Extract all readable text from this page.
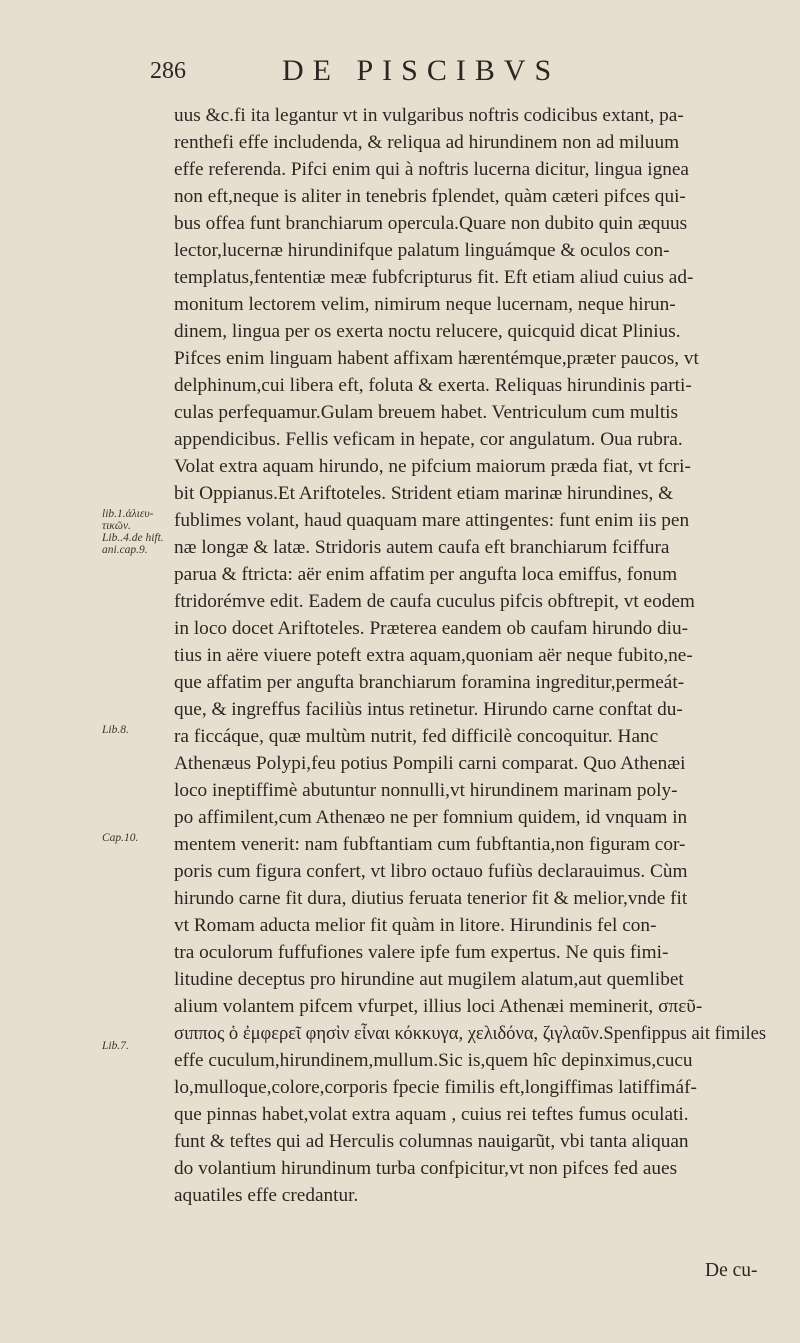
286	DE PISCIBVS
uus &c.fi ita legantur vt in vulgaribus noftris codicibus extant, pa-
renthefi effe includenda, & reliqua ad hirundinem non ad miluum
effe referenda. Pifci enim qui à noftris lucerna dicitur, lingua ignea
non eft,neque is aliter in tenebris fplendet, quàm cæteri pifces qui-
bus offea funt branchiarum opercula.Quare non dubito quin æquus
lector,lucernæ hirundinifque palatum linguámque & oculos con-
templatus,fententiæ meæ fubfcripturus fit. Eft etiam aliud cuius ad-
monitum lectorem velim, nimirum neque lucernam, neque hirun-
dinem, lingua per os exerta noctu relucere, quicquid dicat Plinius.
Pifces enim linguam habent affixam hærentémque,præter paucos, vt
delphinum,cui libera eft, foluta & exerta. Reliquas hirundinis parti-
culas perfequamur.Gulam breuem habet. Ventriculum cum multis
appendicibus. Fellis veficam in hepate, cor angulatum. Oua rubra.
Volat extra aquam hirundo, ne pifcium maiorum præda fiat, vt fcri-
bit Oppianus.Et Ariftoteles. Strident etiam marinæ hirundines, &
fublimes volant, haud quaquam mare attingentes: funt enim iis pen
næ longæ & latæ. Stridoris autem caufa eft branchiarum fciffura
parua & ftricta: aër enim affatim per angufta loca emiffus, fonum
ftridorémve edit. Eadem de caufa cuculus pifcis obftrepit, vt eodem
in loco docet Ariftoteles. Præterea eandem ob caufam hirundo diu-
tius in aëre viuere poteft extra aquam,quoniam aër neque fubito,ne-
que affatim per angufta branchiarum foramina ingreditur,permeát-
que, & ingreffus faciliùs intus retinetur. Hirundo carne conftat du-
ra ficcáque, quæ multùm nutrit, fed difficilè concoquitur. Hanc
Athenæus Polypi,feu potius Pompili carni comparat. Quo Athenæi
loco ineptiffimè abutuntur nonnulli,vt hirundinem marinam poly-
po affimilent,cum Athenæo ne per fomnium quidem, id vnquam in
mentem venerit: nam fubftantiam cum fubftantia,non figuram cor-
poris cum figura confert, vt libro octauo fufiùs declarauimus. Cùm
hirundo carne fit dura, diutius feruata tenerior fit & melior,vnde fit
vt Romam aducta melior fit quàm in litore. Hirundinis fel con-
tra oculorum fuffufiones valere ipfe fum expertus. Ne quis fimi-
litudine deceptus pro hirundine aut mugilem alatum,aut quemlibet
alium volantem pifcem vfurpet, illius loci Athenæi meminerit, σπεῦ-
σιππος ὁ ἐμφερεῖ φησὶν εἶναι κόκκυγα, χελιδόνα, ζιγλαῦν.Spenfippus ait fimiles
effe cuculum,hirundinem,mullum.Sic is,quem hîc depinximus,cucu
lo,mulloque,colore,corporis fpecie fimilis eft,longiffimas latiffimáf-
que pinnas habet,volat extra aquam , cuius rei teftes fumus oculati.
funt & teftes qui ad Herculis columnas nauigarũt, vbi tanta aliquan
do volantium hirundinum turba confpicitur,vt non pifces fed aues
aquatiles effe credantur.
lib.1.ἁλιευ-
τικῶν.
Lib..4.de hift.
ani.cap.9.
Lib.8.
Cap.10.
Lib.7.
De cu-
